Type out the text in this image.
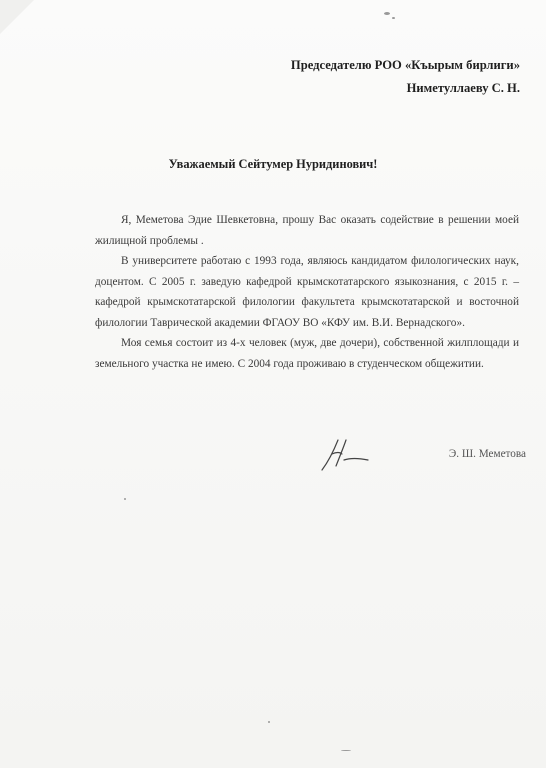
Председателю РОО «Къырым бирлиги»
Ниметуллаеву С. Н.
Уважаемый Сейтумер Нуридинович!

Я, Меметова Эдие Шевкетовна, прошу Вас оказать содействие в решении моей жилищной проблемы .

В университете работаю с 1993 года, являюсь кандидатом филологических наук, доцентом. С 2005 г. заведую кафедрой крымскотатарского языкознания, с 2015 г. – кафедрой крымскотатарской филологии факультета крымскотатарской и восточной филологии Таврической академии ФГАОУ ВО «КФУ им. В.И. Вернадского».

Моя семья состоит из 4-х человек (муж, две дочери), собственной жилплощади и земельного участка не имею. С 2004 года проживаю в студенческом общежитии.

Э. Ш. Меметова
